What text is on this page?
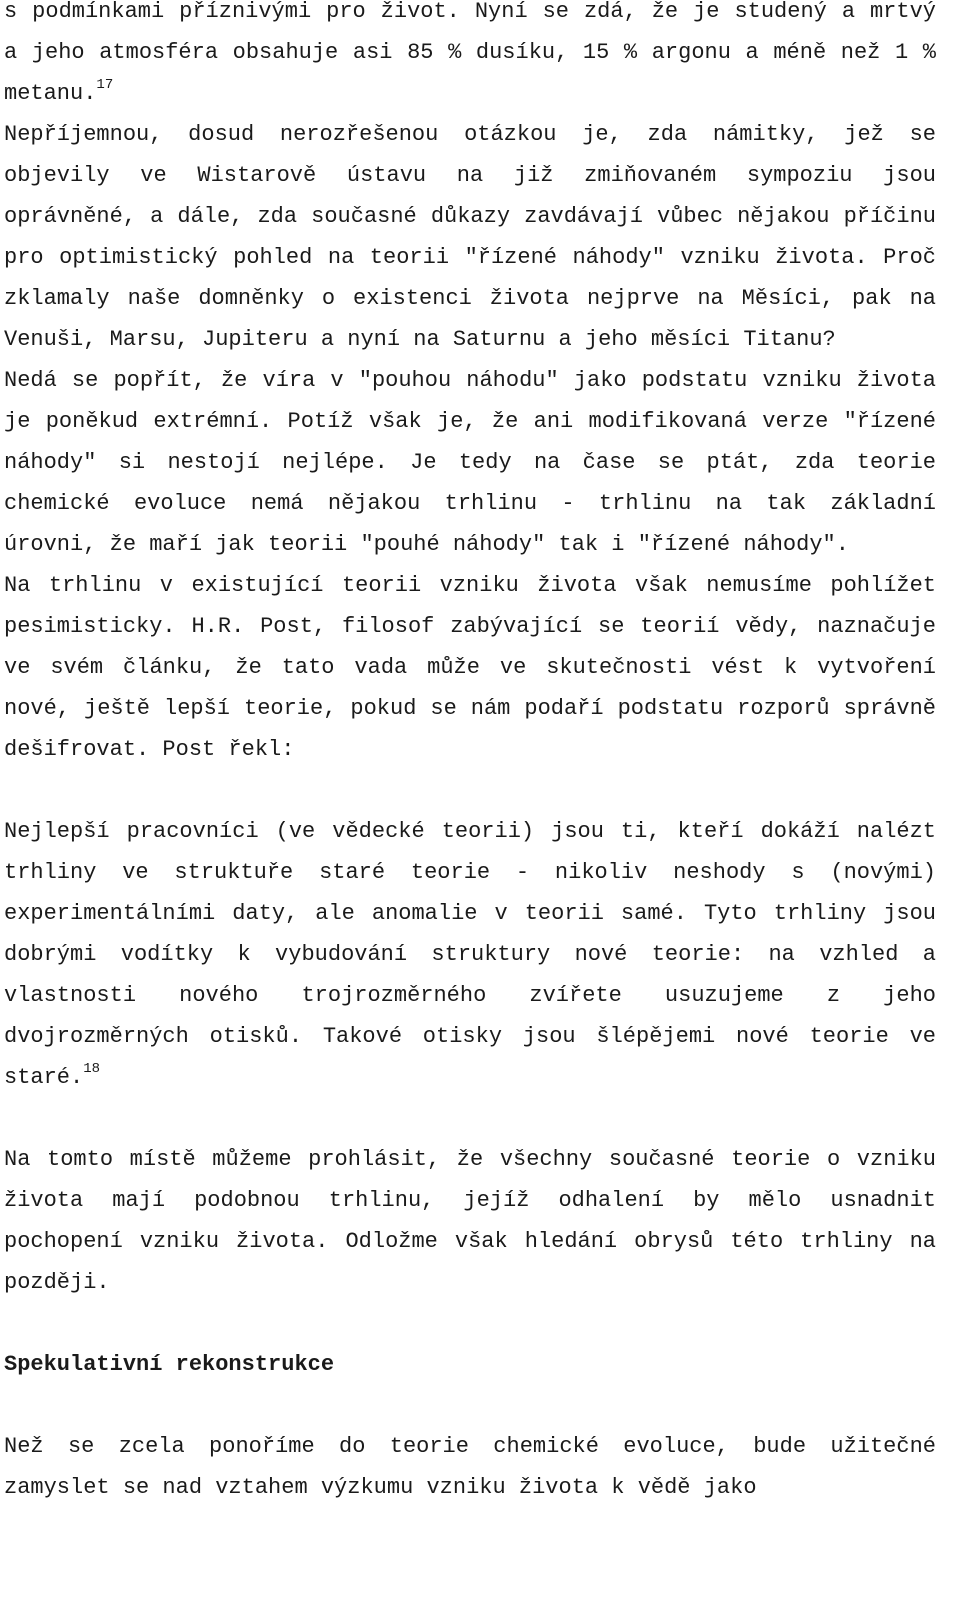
s podmínkami příznivými pro život. Nyní se zdá, že je studený a mrtvý a jeho atmosféra obsahuje asi 85 % dusíku, 15 % argonu a méně než 1 % metanu.$^{17}$

Nepříjemnou, dosud nerozřešenou otázkou je, zda námitky, jež se objevily ve Wistarově ústavu na již zmiňovaném sympoziu jsou oprávněné, a dále, zda současné důkazy zavdávají vůbec nějakou příčinu pro optimistický pohled na teorii "řízené náhody" vzniku života. Proč zklamaly naše domněnky o existenci života nejprve na Měsíci, pak na Venuši, Marsu, Jupiteru a nyní na Saturnu a jeho měsíci Titanu?

Nedá se popřít, že víra v "pouhou náhodu" jako podstatu vzniku života je poněkud extrémní. Potíž však je, že ani modifikovaná verze "řízené náhody" si nestojí nejlépe. Je tedy na čase se ptát, zda teorie chemické evoluce nemá nějakou trhlinu - trhlinu na tak základní úrovni, že maří jak teorii "pouhé náhody" tak i "řízené náhody".

Na trhlinu v existující teorii vzniku života však nemusíme pohlížet pesimisticky. H.R. Post, filosof zabývající se teorií vědy, naznačuje ve svém článku, že tato vada může ve skutečnosti vést k vytvoření nové, ještě lepší teorie, pokud se nám podaří podstatu rozporů správně dešifrovat. Post řekl:

Nejlepší pracovníci (ve vědecké teorii) jsou ti, kteří dokáží nalézt trhliny ve struktuře staré teorie - nikoliv neshody s (novými) experimentálními daty, ale anomalie v teorii samé. Tyto trhliny jsou dobrými vodítky k vybudování struktury nové teorie: na vzhled a vlastnosti nového trojrozměrného zvířete usuzujeme z jeho dvojrozměrných otisků. Takové otisky jsou šlépějemi nové teorie ve staré.$^{18}$

Na tomto místě můžeme prohlásit, že všechny současné teorie o vzniku života mají podobnou trhlinu, jejíž odhalení by mělo usnadnit pochopení vzniku života. Odložme však hledání obrysů této trhliny na později.

Spekulativní rekonstrukce

Než se zcela ponoříme do teorie chemické evoluce, bude užitečné zamyslet se nad vztahem výzkumu vzniku života k vědě jako
